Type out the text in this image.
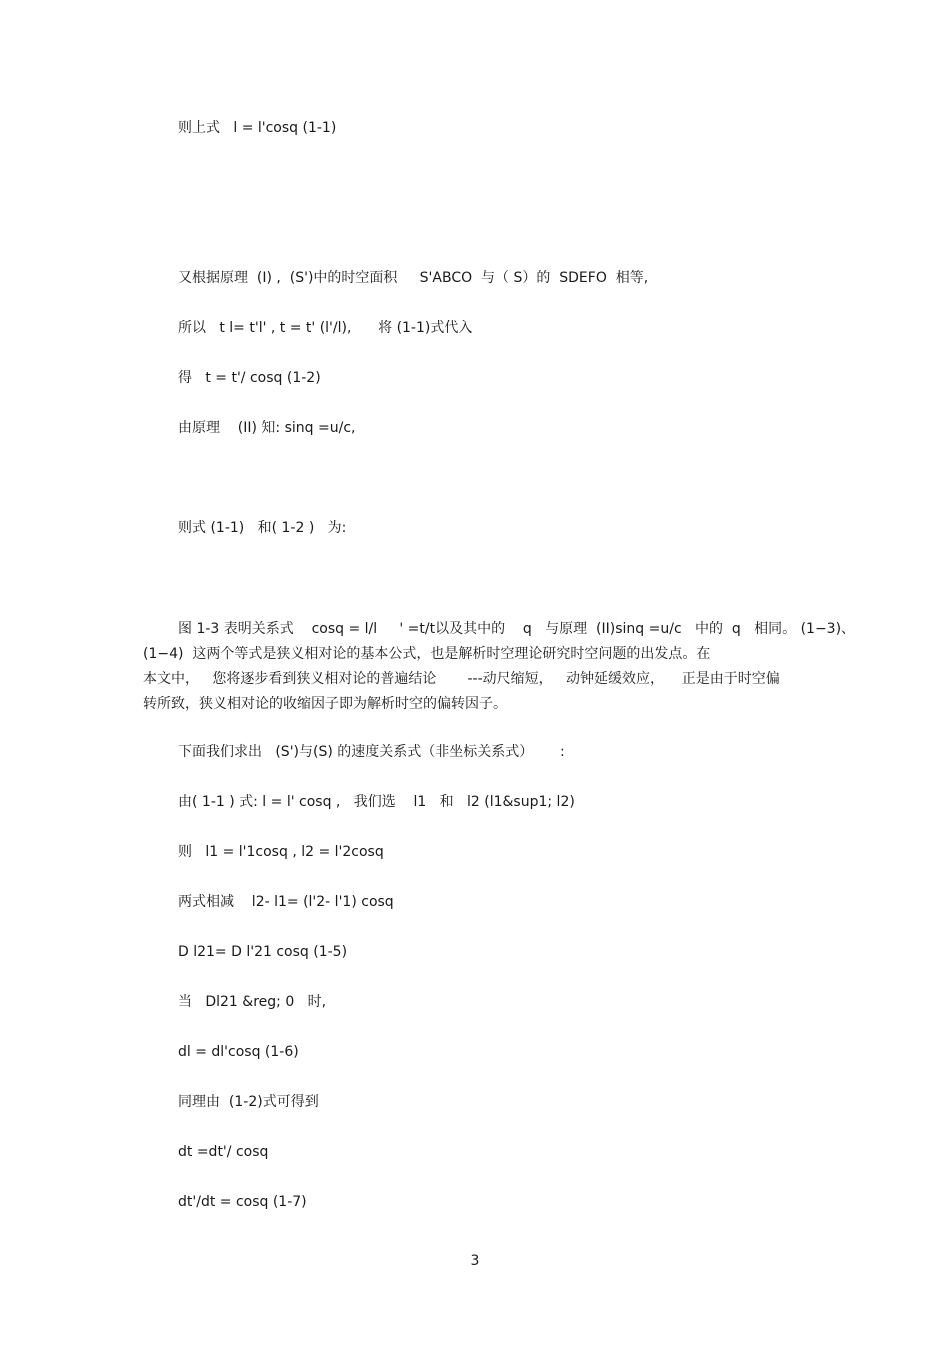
则上式   l = l'cosq (1-1)
又根据原理  (I) ,  (S')中的时空面积     S'ABCO  与（ S）的  SDEFO  相等,
所以   t l= t'l' , t = t' (l'/l),      将 (1-1)式代入
得   t = t'/ cosq (1-2)
由原理    (II) 知: sinq =u/c,
则式 (1-1)   和( 1-2 )   为:
图 1-3 表明关系式    cosq = l/l     ' =t/t以及其中的    q   与原理  (II)sinq =u/c   中的  q   相同。 (1−3)、
(1−4)  这两个等式是狭义相对论的基本公式，也是解析时空理论研究时空问题的出发点。在
本文中，   您将逐步看到狭义相对论的普遍结论       ---动尺缩短，   动钟延缓效应，    正是由于时空偏
转所致，狭义相对论的收缩因子即为解析时空的偏转因子。
下面我们求出   (S')与(S) 的速度关系式（非坐标关系式）      :
由( 1-1 ) 式: l = l' cosq ,   我们选    l1   和   l2 (l1&sup1; l2)
则   l1 = l'1cosq , l2 = l'2cosq
两式相减    l2- l1= (l'2- l'1) cosq
D l21= D l'21 cosq (1-5)
当   Dl21 &reg; 0   时,
dl = dl'cosq (1-6)
同理由  (1-2)式可得到
dt =dt'/ cosq
dt'/dt = cosq (1-7)
3
